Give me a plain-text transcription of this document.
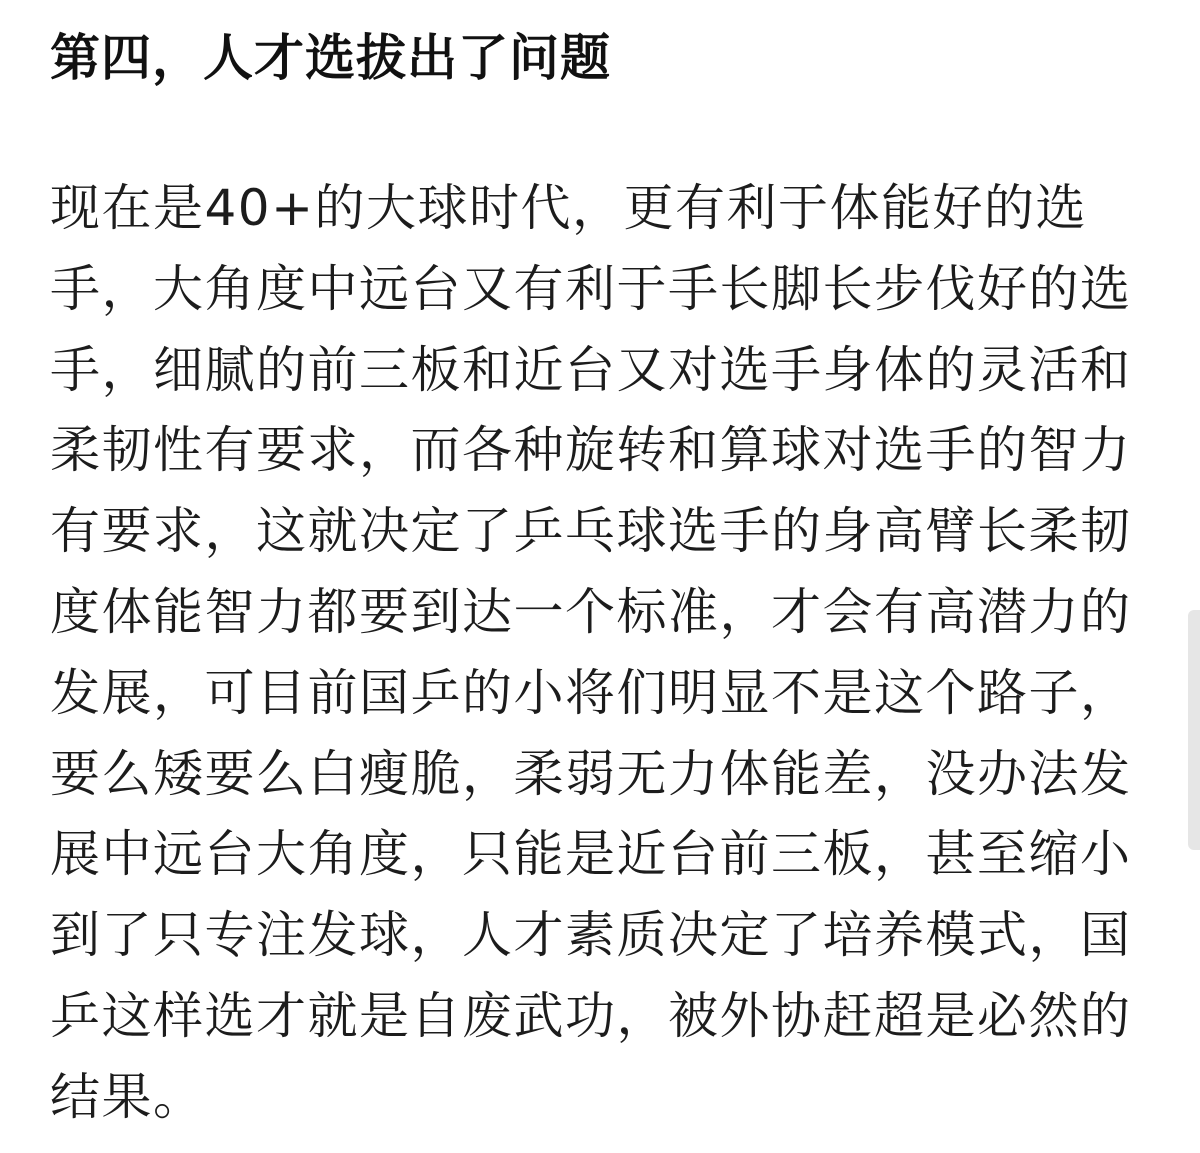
第四，人才选拔出了问题

现在是40+的大球时代，更有利于体能好的选
手，大角度中远台又有利于手长脚长步伐好的选
手，细腻的前三板和近台又对选手身体的灵活和
柔韧性有要求，而各种旋转和算球对选手的智力
有要求，这就决定了乒乓球选手的身高臂长柔韧
度体能智力都要到达一个标准，才会有高潜力的
发展，可目前国乒的小将们明显不是这个路子，
要么矮要么白瘦脆，柔弱无力体能差，没办法发
展中远台大角度，只能是近台前三板，甚至缩小
到了只专注发球，人才素质决定了培养模式，国
乒这样选才就是自废武功，被外协赶超是必然的
结果。
